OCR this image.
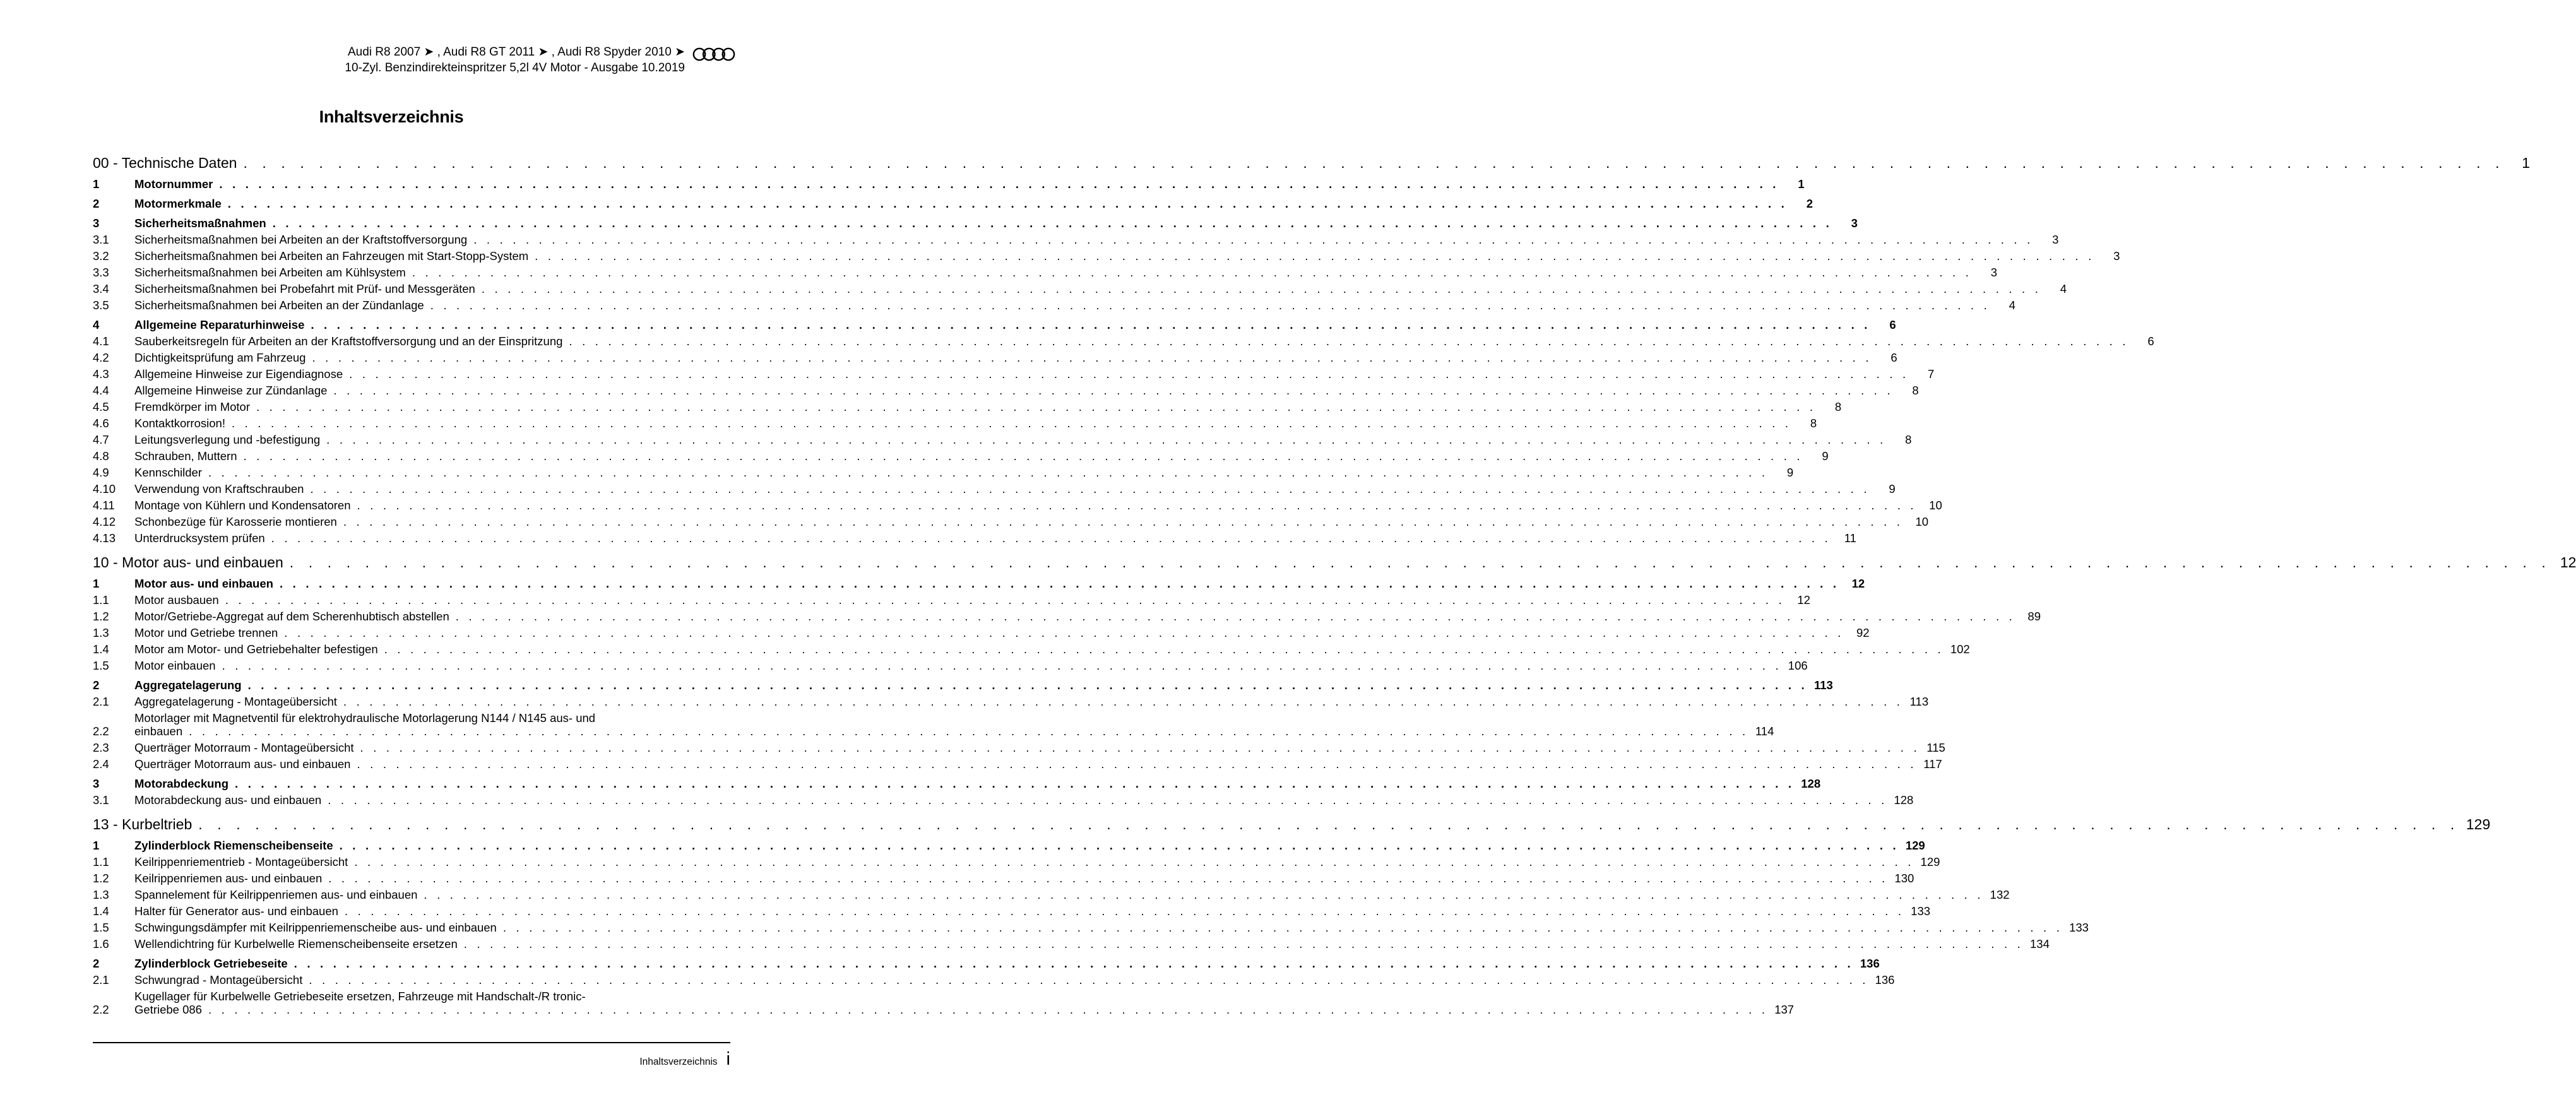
Audi R8 2007 ➤ , Audi R8 GT 2011 ➤ , Audi R8 Spyder 2010 ➤
10-Zyl. Benzindirekteinspritzer 5,2l 4V Motor - Ausgabe 10.2019
Inhaltsverzeichnis
00 - Technische Daten . . . . . . . . . . . . . . . . . . . . . . . . . . . . . . . . . . . . . . . . . . . . . . . . . . . . . . . . . . . . . . . . . . . . . . . . . . . . . . . . . . . . . . . . . . . . . . . . . . . . . . . . . . . . . . . . . . . . . . . .	1
1	Motornummer . . . . . . . . . . . . . . . . . . . . . . . . . . . . . . . . . . . . . . . . . . . . . . . . . . . . . . . . . . . . . . . . . . . . . . . . . . . . . . . . . . . . . . . . . . . . . . . . . . . . . . . . . . . . . . . . . . . . . . . .	1
2	Motormerkmale . . . . . . . . . . . . . . . . . . . . . . . . . . . . . . . . . . . . . . . . . . . . . . . . . . . . . . . . . . . . . . . . . . . . . . . . . . . . . . . . . . . . . . . . . . . . . . . . . . . . . . . . . . . . . . . . . . . . . . . .	2
3	Sicherheitsmaßnahmen . . . . . . . . . . . . . . . . . . . . . . . . . . . . . . . . . . . . . . . . . . . . . . . . . . . . . . . . . . . . . . . . . . . . . . . . . . . . . . . . . . . . . . . . . . . . . . . . . . . . . . . . . . . . . . . . . . . . . . . .	3
3.1	Sicherheitsmaßnahmen bei Arbeiten an der Kraftstoffversorgung . . . . . . . . . . . . . . . . . . . . . . . . . . . . . . . . . . . . . . . . . . . . . . . . . . . . . . . . . . . . . . . . . . . . . . . . . . . . . . . . . . . . . . . . . . . . . . . . . . . . . . . . . . . . . . . . . . . . . . . .	3
3.2	Sicherheitsmaßnahmen bei Arbeiten an Fahrzeugen mit Start-Stopp-System . . . . . . . . . . . . . . . . . . . . . . . . . . . . . . . . . . . . . . . . . . . . . . . . . . . . . . . . . . . . . . . . . . . . . . . . . . . . . . . . . . . . . . . . . . . . . . . . . . . . . . . . . . . . . . . . . . . . . . . .	3
3.3	Sicherheitsmaßnahmen bei Arbeiten am Kühlsystem . . . . . . . . . . . . . . . . . . . . . . . . . . . . . . . . . . . . . . . . . . . . . . . . . . . . . . . . . . . . . . . . . . . . . . . . . . . . . . . . . . . . . . . . . . . . . . . . . . . . . . . . . . . . . . . . . . . . . . . .	3
3.4	Sicherheitsmaßnahmen bei Probefahrt mit Prüf- und Messgeräten . . . . . . . . . . . . . . . . . . . . . . . . . . . . . . . . . . . . . . . . . . . . . . . . . . . . . . . . . . . . . . . . . . . . . . . . . . . . . . . . . . . . . . . . . . . . . . . . . . . . . . . . . . . . . . . . . . . . . . . .	4
3.5	Sicherheitsmaßnahmen bei Arbeiten an der Zündanlage . . . . . . . . . . . . . . . . . . . . . . . . . . . . . . . . . . . . . . . . . . . . . . . . . . . . . . . . . . . . . . . . . . . . . . . . . . . . . . . . . . . . . . . . . . . . . . . . . . . . . . . . . . . . . . . . . . . . . . . .	4
4	Allgemeine Reparaturhinweise . . . . . . . . . . . . . . . . . . . . . . . . . . . . . . . . . . . . . . . . . . . . . . . . . . . . . . . . . . . . . . . . . . . . . . . . . . . . . . . . . . . . . . . . . . . . . . . . . . . . . . . . . . . . . . . . . . . . . . . .	6
4.1	Sauberkeitsregeln für Arbeiten an der Kraftstoffversorgung und an der Einspritzung . . . . . . . . . . . . . . . . . . . . . . . . . . . . . . . . . . . . . . . . . . . . . . . . . . . . . . . . . . . . . . . . . . . . . . . . . . . . . . . . . . . . . . . . . . . . . . . . . . . . . . . . . . . . . . . . . . . . . . . .	6
4.2	Dichtigkeitsprüfung am Fahrzeug . . . . . . . . . . . . . . . . . . . . . . . . . . . . . . . . . . . . . . . . . . . . . . . . . . . . . . . . . . . . . . . . . . . . . . . . . . . . . . . . . . . . . . . . . . . . . . . . . . . . . . . . . . . . . . . . . . . . . . . .	6
4.3	Allgemeine Hinweise zur Eigendiagnose . . . . . . . . . . . . . . . . . . . . . . . . . . . . . . . . . . . . . . . . . . . . . . . . . . . . . . . . . . . . . . . . . . . . . . . . . . . . . . . . . . . . . . . . . . . . . . . . . . . . . . . . . . . . . . . . . . . . . . . .	7
4.4	Allgemeine Hinweise zur Zündanlage . . . . . . . . . . . . . . . . . . . . . . . . . . . . . . . . . . . . . . . . . . . . . . . . . . . . . . . . . . . . . . . . . . . . . . . . . . . . . . . . . . . . . . . . . . . . . . . . . . . . . . . . . . . . . . . . . . . . . . . .	8
4.5	Fremdkörper im Motor . . . . . . . . . . . . . . . . . . . . . . . . . . . . . . . . . . . . . . . . . . . . . . . . . . . . . . . . . . . . . . . . . . . . . . . . . . . . . . . . . . . . . . . . . . . . . . . . . . . . . . . . . . . . . . . . . . . . . . . .	8
4.6	Kontaktkorrosion! . . . . . . . . . . . . . . . . . . . . . . . . . . . . . . . . . . . . . . . . . . . . . . . . . . . . . . . . . . . . . . . . . . . . . . . . . . . . . . . . . . . . . . . . . . . . . . . . . . . . . . . . . . . . . . . . . . . . . . . .	8
4.7	Leitungsverlegung und -befestigung . . . . . . . . . . . . . . . . . . . . . . . . . . . . . . . . . . . . . . . . . . . . . . . . . . . . . . . . . . . . . . . . . . . . . . . . . . . . . . . . . . . . . . . . . . . . . . . . . . . . . . . . . . . . . . . . . . . . . . . .	8
4.8	Schrauben, Muttern . . . . . . . . . . . . . . . . . . . . . . . . . . . . . . . . . . . . . . . . . . . . . . . . . . . . . . . . . . . . . . . . . . . . . . . . . . . . . . . . . . . . . . . . . . . . . . . . . . . . . . . . . . . . . . . . . . . . . . . .	9
4.9	Kennschilder . . . . . . . . . . . . . . . . . . . . . . . . . . . . . . . . . . . . . . . . . . . . . . . . . . . . . . . . . . . . . . . . . . . . . . . . . . . . . . . . . . . . . . . . . . . . . . . . . . . . . . . . . . . . . . . . . . . . . . . .	9
4.10	Verwendung von Kraftschrauben . . . . . . . . . . . . . . . . . . . . . . . . . . . . . . . . . . . . . . . . . . . . . . . . . . . . . . . . . . . . . . . . . . . . . . . . . . . . . . . . . . . . . . . . . . . . . . . . . . . . . . . . . . . . . . . . . . . . . . . .	9
4.11	Montage von Kühlern und Kondensatoren . . . . . . . . . . . . . . . . . . . . . . . . . . . . . . . . . . . . . . . . . . . . . . . . . . . . . . . . . . . . . . . . . . . . . . . . . . . . . . . . . . . . . . . . . . . . . . . . . . . . . . . . . . . . . . . . . . . . . . . .	10
4.12	Schonbezüge für Karosserie montieren . . . . . . . . . . . . . . . . . . . . . . . . . . . . . . . . . . . . . . . . . . . . . . . . . . . . . . . . . . . . . . . . . . . . . . . . . . . . . . . . . . . . . . . . . . . . . . . . . . . . . . . . . . . . . . . . . . . . . . . .	10
4.13	Unterdrucksystem prüfen . . . . . . . . . . . . . . . . . . . . . . . . . . . . . . . . . . . . . . . . . . . . . . . . . . . . . . . . . . . . . . . . . . . . . . . . . . . . . . . . . . . . . . . . . . . . . . . . . . . . . . . . . . . . . . . . . . . . . . . .	11
10 - Motor aus- und einbauen . . . . . . . . . . . . . . . . . . . . . . . . . . . . . . . . . . . . . . . . . . . . . . . . . . . . . . . . . . . . . . . . . . . . . . . . . . . . . . . . . . . . . . . . . . . . . . . . . . . . . . . . . . . . . . . . . . . . . . . . 12
1	Motor aus- und einbauen . . . . . . . . . . . . . . . . . . . . . . . . . . . . . . . . . . . . . . . . . . . . . . . . . . . . . . . . . . . . . . . . . . . . . . . . . . . . . . . . . . . . . . . . . . . . . . . . . . . . . . . . . . . . . . . . . . . . . . . .	12
1.1	Motor ausbauen . . . . . . . . . . . . . . . . . . . . . . . . . . . . . . . . . . . . . . . . . . . . . . . . . . . . . . . . . . . . . . . . . . . . . . . . . . . . . . . . . . . . . . . . . . . . . . . . . . . . . . . . . . . . . . . . . . . . . . . .	12
1.2	Motor/Getriebe-Aggregat auf dem Scherenhubtisch abstellen . . . . . . . . . . . . . . . . . . . . . . . . . . . . . . . . . . . . . . . . . . . . . . . . . . . . . . . . . . . . . . . . . . . . . . . . . . . . . . . . . . . . . . . . . . . . . . . . . . . . . . . . . . . . . . . . . . . . . . . .	89
1.3	Motor und Getriebe trennen . . . . . . . . . . . . . . . . . . . . . . . . . . . . . . . . . . . . . . . . . . . . . . . . . . . . . . . . . . . . . . . . . . . . . . . . . . . . . . . . . . . . . . . . . . . . . . . . . . . . . . . . . . . . . . . . . . . . . . . .	92
1.4	Motor am Motor- und Getriebehalter befestigen . . . . . . . . . . . . . . . . . . . . . . . . . . . . . . . . . . . . . . . . . . . . . . . . . . . . . . . . . . . . . . . . . . . . . . . . . . . . . . . . . . . . . . . . . . . . . . . . . . . . . . . . . . . . . . . . . . . . . . . . 102
1.5	Motor einbauen . . . . . . . . . . . . . . . . . . . . . . . . . . . . . . . . . . . . . . . . . . . . . . . . . . . . . . . . . . . . . . . . . . . . . . . . . . . . . . . . . . . . . . . . . . . . . . . . . . . . . . . . . . . . . . . . . . . . . . . . 106
2	Aggregatelagerung . . . . . . . . . . . . . . . . . . . . . . . . . . . . . . . . . . . . . . . . . . . . . . . . . . . . . . . . . . . . . . . . . . . . . . . . . . . . . . . . . . . . . . . . . . . . . . . . . . . . . . . . . . . . . . . . . . . . . . . . 113
2.1	Aggregatelagerung - Montageübersicht . . . . . . . . . . . . . . . . . . . . . . . . . . . . . . . . . . . . . . . . . . . . . . . . . . . . . . . . . . . . . . . . . . . . . . . . . . . . . . . . . . . . . . . . . . . . . . . . . . . . . . . . . . . . . . . . . . . . . . . . 113
2.2
Motorlager mit Magnetventil für elektrohydraulische Motorlagerung N144 / N145 aus- und
einbauen . . . . . . . . . . . . . . . . . . . . . . . . . . . . . . . . . . . . . . . . . . . . . . . . . . . . . . . . . . . . . . . . . . . . . . . . . . . . . . . . . . . . . . . . . . . . . . . . . . . . . . . . . . . . . . . . . . . . . . . . 114
2.3	Querträger Motorraum - Montageübersicht . . . . . . . . . . . . . . . . . . . . . . . . . . . . . . . . . . . . . . . . . . . . . . . . . . . . . . . . . . . . . . . . . . . . . . . . . . . . . . . . . . . . . . . . . . . . . . . . . . . . . . . . . . . . . . . . . . . . . . . . 115
2.4	Querträger Motorraum aus- und einbauen . . . . . . . . . . . . . . . . . . . . . . . . . . . . . . . . . . . . . . . . . . . . . . . . . . . . . . . . . . . . . . . . . . . . . . . . . . . . . . . . . . . . . . . . . . . . . . . . . . . . . . . . . . . . . . . . . . . . . . . . 117
3	Motorabdeckung . . . . . . . . . . . . . . . . . . . . . . . . . . . . . . . . . . . . . . . . . . . . . . . . . . . . . . . . . . . . . . . . . . . . . . . . . . . . . . . . . . . . . . . . . . . . . . . . . . . . . . . . . . . . . . . . . . . . . . . . 128
3.1	Motorabdeckung aus- und einbauen . . . . . . . . . . . . . . . . . . . . . . . . . . . . . . . . . . . . . . . . . . . . . . . . . . . . . . . . . . . . . . . . . . . . . . . . . . . . . . . . . . . . . . . . . . . . . . . . . . . . . . . . . . . . . . . . . . . . . . . . 128
13 - Kurbeltrieb . . . . . . . . . . . . . . . . . . . . . . . . . . . . . . . . . . . . . . . . . . . . . . . . . . . . . . . . . . . . . . . . . . . . . . . . . . . . . . . . . . . . . . . . . . . . . . . . . . . . . . . . . . . . . . . . . . . . . . . . 129
1	Zylinderblock Riemenscheibenseite . . . . . . . . . . . . . . . . . . . . . . . . . . . . . . . . . . . . . . . . . . . . . . . . . . . . . . . . . . . . . . . . . . . . . . . . . . . . . . . . . . . . . . . . . . . . . . . . . . . . . . . . . . . . . . . . . . . . . . . . 129
1.1	Keilrippenriementrieb - Montageübersicht . . . . . . . . . . . . . . . . . . . . . . . . . . . . . . . . . . . . . . . . . . . . . . . . . . . . . . . . . . . . . . . . . . . . . . . . . . . . . . . . . . . . . . . . . . . . . . . . . . . . . . . . . . . . . . . . . . . . . . . . 129
1.2	Keilrippenriemen aus- und einbauen . . . . . . . . . . . . . . . . . . . . . . . . . . . . . . . . . . . . . . . . . . . . . . . . . . . . . . . . . . . . . . . . . . . . . . . . . . . . . . . . . . . . . . . . . . . . . . . . . . . . . . . . . . . . . . . . . . . . . . . . 130
1.3	Spannelement für Keilrippenriemen aus- und einbauen . . . . . . . . . . . . . . . . . . . . . . . . . . . . . . . . . . . . . . . . . . . . . . . . . . . . . . . . . . . . . . . . . . . . . . . . . . . . . . . . . . . . . . . . . . . . . . . . . . . . . . . . . . . . . . . . . . . . . . . . 132
1.4	Halter für Generator aus- und einbauen . . . . . . . . . . . . . . . . . . . . . . . . . . . . . . . . . . . . . . . . . . . . . . . . . . . . . . . . . . . . . . . . . . . . . . . . . . . . . . . . . . . . . . . . . . . . . . . . . . . . . . . . . . . . . . . . . . . . . . . . 133
1.5	Schwingungsdämpfer mit Keilrippenriemenscheibe aus- und einbauen . . . . . . . . . . . . . . . . . . . . . . . . . . . . . . . . . . . . . . . . . . . . . . . . . . . . . . . . . . . . . . . . . . . . . . . . . . . . . . . . . . . . . . . . . . . . . . . . . . . . . . . . . . . . . . . . . . . . . . . . 133
1.6	Wellendichtring für Kurbelwelle Riemenscheibenseite ersetzen . . . . . . . . . . . . . . . . . . . . . . . . . . . . . . . . . . . . . . . . . . . . . . . . . . . . . . . . . . . . . . . . . . . . . . . . . . . . . . . . . . . . . . . . . . . . . . . . . . . . . . . . . . . . . . . . . . . . . . . . 134
2	Zylinderblock Getriebeseite . . . . . . . . . . . . . . . . . . . . . . . . . . . . . . . . . . . . . . . . . . . . . . . . . . . . . . . . . . . . . . . . . . . . . . . . . . . . . . . . . . . . . . . . . . . . . . . . . . . . . . . . . . . . . . . . . . . . . . . . 136
2.1	Schwungrad - Montageübersicht . . . . . . . . . . . . . . . . . . . . . . . . . . . . . . . . . . . . . . . . . . . . . . . . . . . . . . . . . . . . . . . . . . . . . . . . . . . . . . . . . . . . . . . . . . . . . . . . . . . . . . . . . . . . . . . . . . . . . . . . 136
2.2
Kugellager für Kurbelwelle Getriebeseite ersetzen, Fahrzeuge mit Handschalt-/R tronic-
Getriebe 086 . . . . . . . . . . . . . . . . . . . . . . . . . . . . . . . . . . . . . . . . . . . . . . . . . . . . . . . . . . . . . . . . . . . . . . . . . . . . . . . . . . . . . . . . . . . . . . . . . . . . . . . . . . . . . . . . . . . . . . . . 137
Inhaltsverzeichnis i
